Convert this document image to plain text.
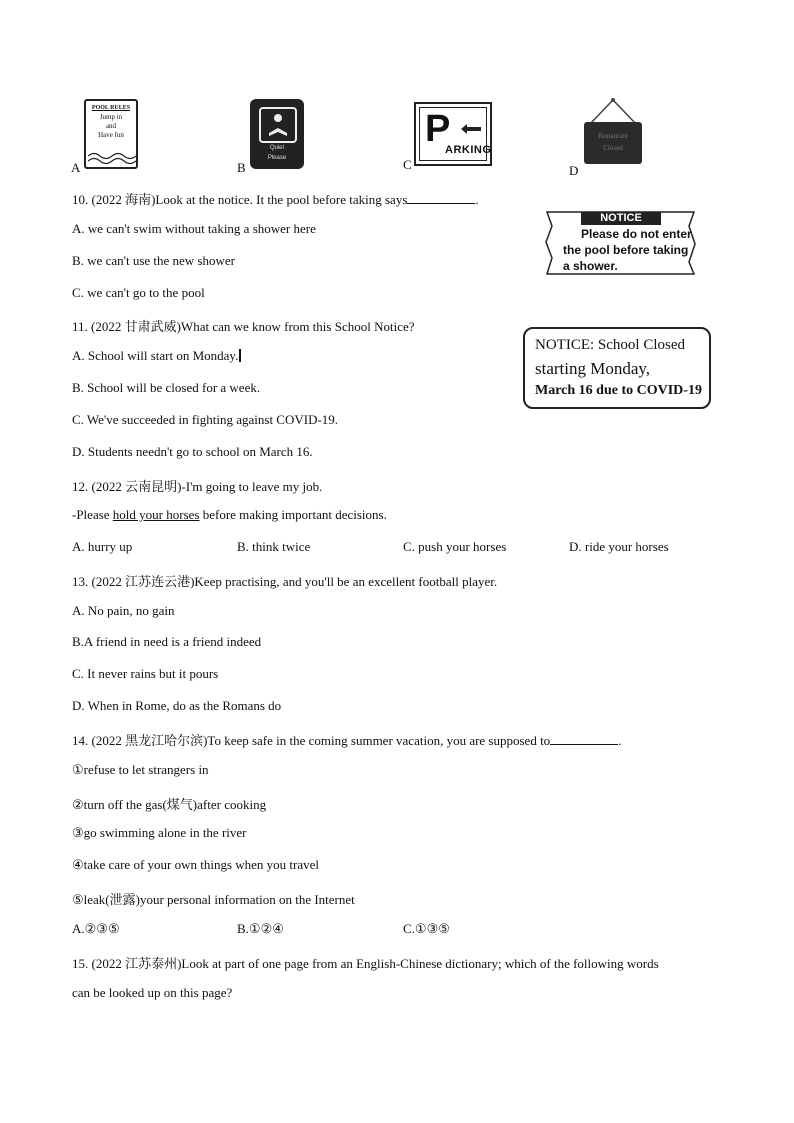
POOL RULES
Jump in
and
Have fun
A
Quiet
Please
B
P
ARKING
C
Restaurant
Closed
D
10. (2022 海南)Look at the notice. It the pool before taking says	.
A. we can't swim without taking a shower here
B. we can't use the new shower
C. we can't go to the pool
NOTICE
Please do not enter
the pool before taking
a shower.
11. (2022 甘肃武威)What can we know from this School Notice?
A. School will start on Monday.
B. School will be closed for a week.
C. We've succeeded in fighting against COVID-19.
D. Students needn't go to school on March 16.
NOTICE: School Closed
starting Monday,
March 16 due to COVID-19
12. (2022 云南昆明)-I'm going to leave my job.
-Please hold your horses before making important decisions.
A. hurry up	B. think twice	C. push your horses	D. ride your horses
13. (2022 江苏连云港)Keep practising, and you'll be an excellent football player.
A. No pain, no gain
B.A friend in need is a friend indeed
C. It never rains but it pours
D. When in Rome, do as the Romans do
14. (2022 黑龙江哈尔滨)To keep safe in the coming summer vacation, you are supposed to	.
①refuse to let strangers in
②turn off the gas(煤气)after cooking
③go swimming alone in the river
④take care of your own things when you travel
⑤leak(泄露)your personal information on the Internet
A.②③⑤	B.①②④	C.①③⑤
15. (2022 江苏泰州)Look at part of one page from an English-Chinese dictionary; which of the following words
can be looked up on this page?
